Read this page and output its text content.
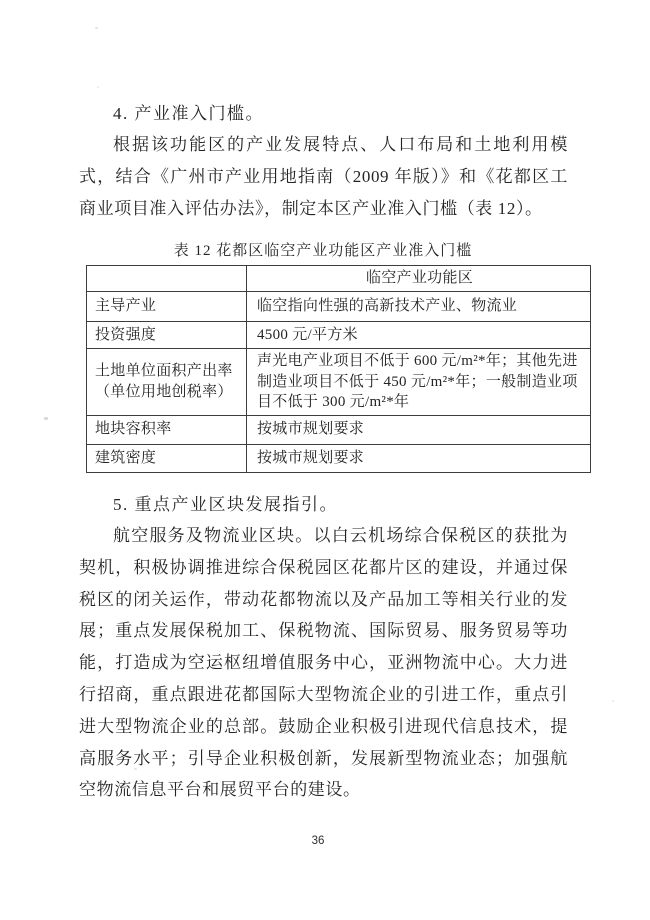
4. 产业准入门槛。
根据该功能区的产业发展特点、人口布局和土地利用模式，结合《广州市产业用地指南（2009 年版）》和《花都区工商业项目准入评估办法》，制定本区产业准入门槛（表 12）。
表 12 花都区临空产业功能区产业准入门槛
	临空产业功能区
主导产业	临空指向性强的高新技术产业、物流业
投资强度	4500 元/平方米

土地单位面积产出率
（单位用地创税率）	声光电产业项目不低于 600 元/m²*年；其他先进制造业项目不低于 450 元/m²*年；一般制造业项目不低于 300 元/m²*年
地块容积率	按城市规划要求
建筑密度	按城市规划要求
5. 重点产业区块发展指引。
航空服务及物流业区块。以白云机场综合保税区的获批为契机，积极协调推进综合保税园区花都片区的建设，并通过保税区的闭关运作，带动花都物流以及产品加工等相关行业的发展；重点发展保税加工、保税物流、国际贸易、服务贸易等功能，打造成为空运枢纽增值服务中心，亚洲物流中心。大力进行招商，重点跟进花都国际大型物流企业的引进工作，重点引进大型物流企业的总部。鼓励企业积极引进现代信息技术，提高服务水平；引导企业积极创新，发展新型物流业态；加强航空物流信息平台和展贸平台的建设。
36
